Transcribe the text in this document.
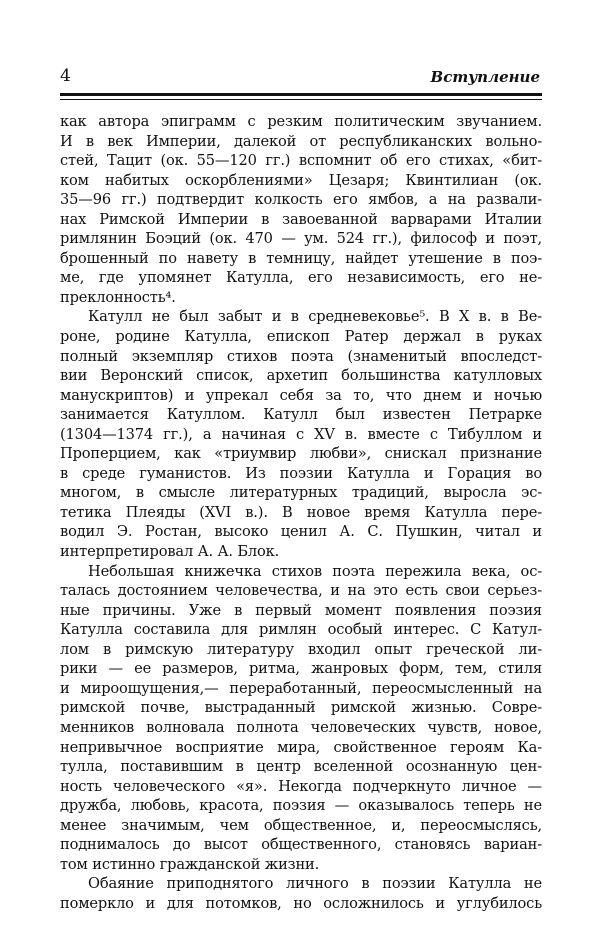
4	Вступление
как автора эпиграмм с резким политическим звучанием.
И в век Империи, далекой от республиканских вольно-
стей, Тацит (ок. 55—120 гг.) вспомнит об его стихах, «бит-
ком набитых оскорблениями» Цезаря; Квинтилиан (ок.
35—96 гг.) подтвердит колкость его ямбов, а на развали-
нах Римской Империи в завоеванной варварами Италии
римлянин Боэций (ок. 470 — ум. 524 гг.), философ и поэт,
брошенный по навету в темницу, найдет утешение в поэ-
ме, где упомянет Катулла, его независимость, его не-
преклонность⁴.
Катулл не был забыт и в средневековье⁵. В X в. в Ве-
роне, родине Катулла, епископ Ратер держал в руках
полный экземпляр стихов поэта (знаменитый впоследст-
вии Веронский список, архетип большинства катулловых
манускриптов) и упрекал себя за то, что днем и ночью
занимается Катуллом. Катулл был известен Петрарке
(1304—1374 гг.), а начиная с XV в. вместе с Тибуллом и
Проперцием, как «триумвир любви», снискал признание
в среде гуманистов. Из поэзии Катулла и Горация во
многом, в смысле литературных традиций, выросла эс-
тетика Плеяды (XVI в.). В новое время Катулла пере-
водил Э. Ростан, высоко ценил А. С. Пушкин, читал и
интерпретировал А. А. Блок.
Небольшая книжечка стихов поэта пережила века, ос-
талась достоянием человечества, и на это есть свои серьез-
ные причины. Уже в первый момент появления поэзия
Катулла составила для римлян особый интерес. С Катул-
лом в римскую литературу входил опыт греческой ли-
рики — ее размеров, ритма, жанровых форм, тем, стиля
и мироощущения,— переработанный, переосмысленный на
римской почве, выстраданный римской жизнью. Совре-
менников волновала полнота человеческих чувств, новое,
непривычное восприятие мира, свойственное героям Ка-
тулла, поставившим в центр вселенной осознанную цен-
ность человеческого «я». Некогда подчеркнуто личное —
дружба, любовь, красота, поэзия — оказывалось теперь не
менее значимым, чем общественное, и, переосмыслясь,
поднималось до высот общественного, становясь вариан-
том истинно гражданской жизни.
Обаяние приподнятого личного в поэзии Катулла не
померкло и для потомков, но осложнилось и углубилось
